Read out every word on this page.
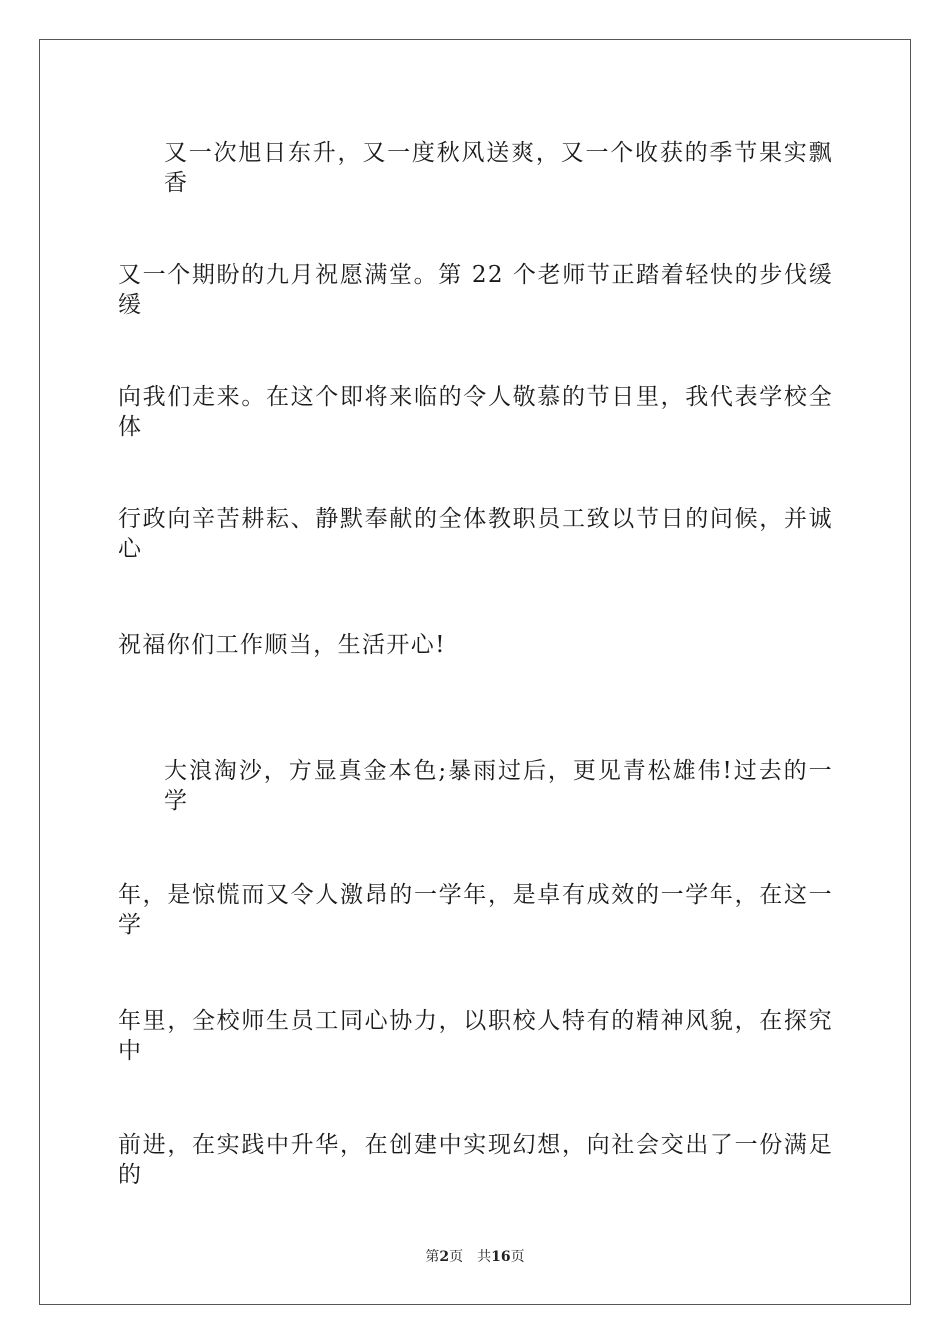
又一次旭日东升，又一度秋风送爽，又一个收获的季节果实飘香
又一个期盼的九月祝愿满堂。第 22 个老师节正踏着轻快的步伐缓缓
向我们走来。在这个即将来临的令人敬慕的节日里，我代表学校全体
行政向辛苦耕耘、静默奉献的全体教职员工致以节日的问候，并诚心
祝福你们工作顺当，生活开心!
大浪淘沙，方显真金本色;暴雨过后，更见青松雄伟!过去的一学
年，是惊慌而又令人激昂的一学年，是卓有成效的一学年，在这一学
年里，全校师生员工同心协力，以职校人特有的精神风貌，在探究中
前进，在实践中升华，在创建中实现幻想，向社会交出了一份满足的
第2页 共16页
